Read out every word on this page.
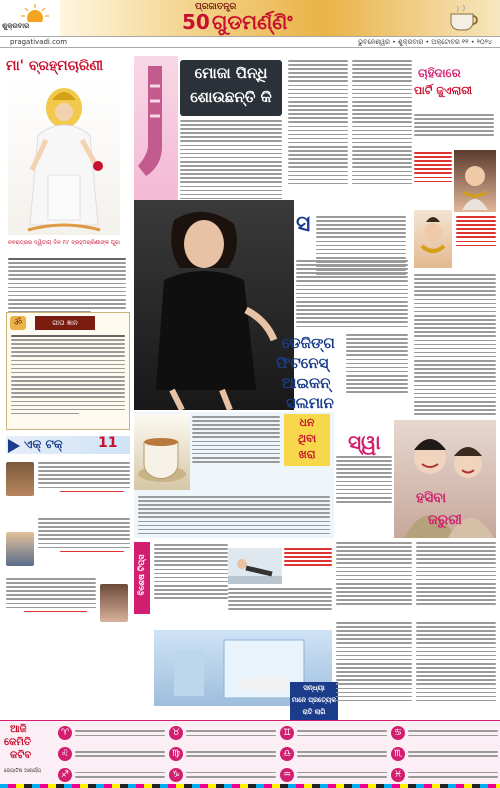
ଶୁକ୍ରବାର
ପ୍ରଜାତନ୍ତ୍ର
50 ଗୁଡମର୍ଣ୍ଣିଂ
pragativadi.com	ଭୁବନେଶ୍ୱର • ଶୁକ୍ରବାର • ଅକ୍ଟୋବର ୧୧ • ୨୦୨୪
ମା' ବ୍ରହ୍ମଚାରିଣୀ
ନବରାତ୍ରର ଦ୍ୱିତୀୟ ଦିନ ମା' ବ୍ରହ୍ମଚାରିଣୀଙ୍କ ପୂଜା
ॐ	ଗୀତା ଜ୍ଞାନ
ଏକ୍ ଟକ୍	11
ମୋଜା ପିନ୍ଧି
ଶୋଉଛନ୍ତି କି
ଚାହିଦାରେ
ପାର୍ଟି ଜୁଏଲାରୀ
ଡେଜିଙ୍ଗ
ଫିଟନେସ୍
ଆଇକନ୍
ସଲମାନ
ସ
ଧନ
ଥିବା
ଖରା
ହସିବା
ଜରୁରୀ
ସ୍ୱା
ବିଶେଷ ଟିପ୍ସ
ସନ୍ଧ୍ୟା
ମାନେ ପ୍ରତ୍ୟେକ
ରାତି ଲାଗି
ଆଜି
କେମିତି
କଟିବ
ଜ୍ୟୋତିଷ ଆଚାର୍ଯ୍ୟ
♈	♉	♊	♋
♌	♍	♎	♏
♐	♑	♒	♓
